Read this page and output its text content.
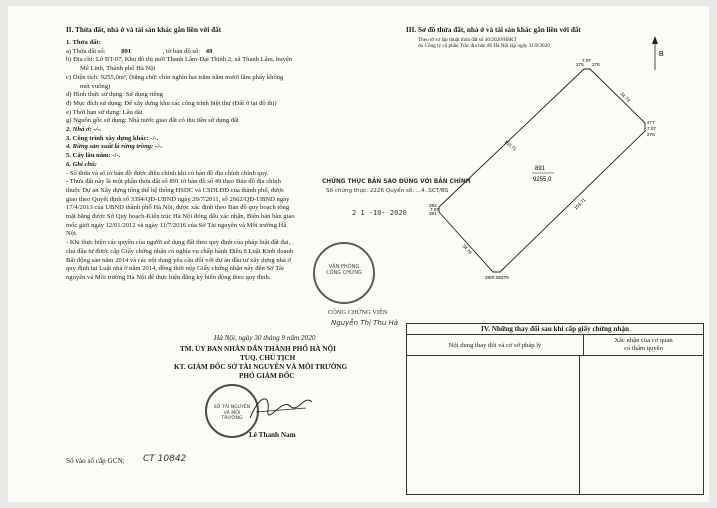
II. Thửa đất, nhà ở và tài sản khác gắn liền với đất
1. Thửa đất:
a) Thửa đất số: 891	, tờ bản đồ số: 49
b) Địa chỉ: Lô BT-07, Khu đô thị mới Thanh Lâm-Đại Thịnh 2, xã Thanh Lâm, huyện
Mê Linh, Thành phố Hà Nội
c) Diện tích: 9255,0m², (bằng chữ: chín nghìn hai trăm năm mươi lăm phẩy không
mét vuông)
d) Hình thức sử dụng: Sử dụng riêng
đ) Mục đích sử dụng: Để xây dựng khu các công trình biệt thự (Đất ở tại đô thị)
e) Thời hạn sử dụng: Lâu dài
g) Nguồn gốc sử dụng: Nhà nước giao đất có thu tiền sử dụng đất
2. Nhà ở: -/-.
3. Công trình xây dựng khác: -/-.
4. Rừng sản xuất là rừng trồng: -/-.
5. Cây lâu năm: -/-.
6. Ghi chú:
- Số thửa và số tờ bản đồ được điều chỉnh khi có bản đồ địa chính chính quy.
- Thửa đất này là một phần thửa đất số 891 tờ bản đồ số 49 theo Bản đồ địa chính
thuộc Dự án Xây dựng tổng thể hệ thống HSDC và CSDLĐĐ của thành phố, được
giao theo Quyết định số 3394/QĐ-UBND ngày 20/7/2011, số 2662/QĐ-UBND ngày
17/4/2013 của UBND thành phố Hà Nội, được xác định theo Bản đồ quy hoạch tổng
mặt bằng được Sở Quy hoạch-Kiến trúc Hà Nội đóng dấu xác nhận, Biên bản bàn giao
mốc giới ngày 12/01/2012 và ngày 11/7/2016 của Sở Tài nguyên và Môi trường Hà
Nội.
- Khi thực hiện các quyền của người sử dụng đất theo quy định của pháp luật đất đai,
chủ đầu tư được cấp Giấy chứng nhận có nghĩa vụ chấp hành Điều 8 Luật Kinh doanh
Bất động sản năm 2014 và các nội dung yêu cầu đối với dự án đầu tư xây dựng nhà ở
quy định tại Luật nhà ở năm 2014, đồng thời nộp Giấy chứng nhận này đến Sở Tài
nguyên và Môi trường Hà Nội để thực hiện đăng ký biến động theo quy định.
Hà Nội, ngày 30 tháng 9 năm 2020
TM. ỦY BAN NHÂN DÂN THÀNH PHỐ HÀ NỘI
TUQ. CHỦ TỊCH
KT. GIÁM ĐỐC SỞ TÀI NGUYÊN VÀ MÔI TRƯỜNG
PHÓ GIÁM ĐỐC
SỞ TÀI NGUYÊN VÀ MÔI TRƯỜNG
Lê Thanh Nam
Số vào sổ cấp GCN: CT 10842
III. Sơ đồ thửa đất, nhà ở và tài sản khác gắn liền với đất
Theo tờ sơ lập thuật thửa đất số 40/2020/HSKT
do Công ty cổ phần Trắc địa bản đồ Hà Nội lập ngày 31/8/2020
B
275 276
277
278
280 279
282
281
7.07
34.79
7.07
153.71
153.71
34.79
7.08
7.07
891
9255,0
CHỨNG THỰC BẢN SAO ĐÚNG VỚI BẢN CHÍNH
Số chứng thực: 2226 Quyển số: ...4..SCT/BS
2 1 -10- 2020
VĂN PHÒNG CÔNG CHỨNG
CÔNG CHỨNG VIÊN
Nguyễn Thị Thu Hà
IV. Những thay đổi sau khi cấp giấy chứng nhận
Nội dung thay đổi và cơ sở pháp lý
Xác nhận của cơ quan
có thẩm quyền
